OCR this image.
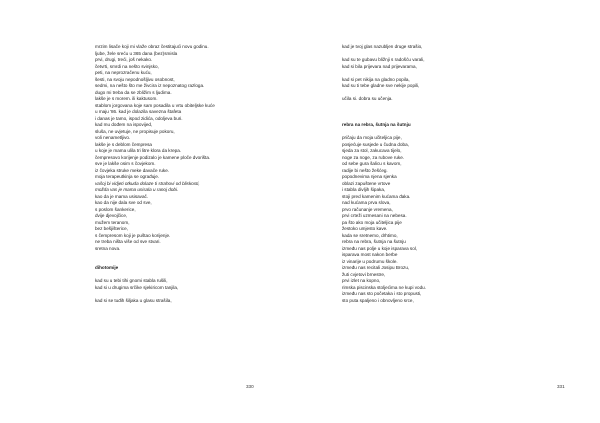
mrzim lisače koji mi vlaže obraz čestitajući novu godinu.
ljube, žele sreću u 365 dana (bez)smisla
prvi, drugi, treći, još nekako.
četvrti, smrdi na nešto svinjsko,
peti, na neprozračenu kuću,
šesti, na svoju nepodnošljivu osobnost,
sedmi, na nešto što me živcira iz nepoznatog razloga.
dugo mi treba da se zbližim s ljudima.
lakše je s morem. ili kaktusom.
stablom jorgovana koje sam posadila u vrtu obiteljske kuće
u maju '86. kad je dolazila savezna štafeta
i danas je tamo, ispod zidića, odoljeva buri.
kad mu dođem na ispovijed,
sluša, ne uvjetuje, ne propisuje pokoru,
voli nenametljivo.
lakše je s deblom čempresa
u koje je mama ulila tri litre klora da krepa.
čempresovo korijenje podizalo je kamene ploče dvorišta.
sve je lakše osim s čovjekom.
iz čovjeka struke meke davače ruke.
moja terapeutkinja se ograđuje.
vašoj bi vidjeti otkuda dolaze ti strahovi od bliskosti,
možda vas je mama usisala u ranoj dobi.
kao da je mama usisavač.
kao da nije dala sve od sve,
s poslom šankerice,
dvije djevojčice,
mužem teranom,
bez bešjišterice,
s čempresom koji je puštao korijenje.
ne treba ništa više od sve stvari.
sretna nova.
dihotomije
kad su u tebi tihi gnomi stabla rušili,
kad si u drugima srčike sjekiricom tanjila,
kad si se tuđih šiljaka u glasu strašila,
330
kad je tvoj glas nazubljen druge strašio,
kad su te gubavu bližnji s radošću varali,
kad si bila prijevara nad prijevarama,
kad si pet nikija na gladno popila,
kad su ti tebe gladne sve nekije popili,
učila si. dobra su učenja.
rebra na rebra, šutnja na šutnju
pričaju da moja učiteljica pije,
posjećuje susjede u čudna doba,
sjeda za stol, zakucava tijelo,
noge za noge, za rubove ruke.
od sebe gura šalicu s kavom,
radije bi nešto žešćeg.
popodnevima njena sjenka
oblazi zapuštene vrtove
i stabla divljih šipaka,
stoji pred kamenim kućama đaka.
nad kućama prva slova,
prvo računanje vremena,
prvi crteži uzmesani na nebesa.
pa što ako moja učiteljica pije
žestoko umjesto kave.
kada se sretnemo, drhtimo,
rebra na rebra, šutnja na šutnju
između nas polje u koje isparava sol,
isparava most nakon berbe
iz vinarije u podrumu škole.
između nas recitali Josipu Brozu,
žuti cvjetovi brnestre,
prvi izlet na kopno,
rimska piscinska stoljećima ne kupi vodu.
između nas sto početaka i sto propusti,
sto puta spaljeno i obnovljeno srce,
331
